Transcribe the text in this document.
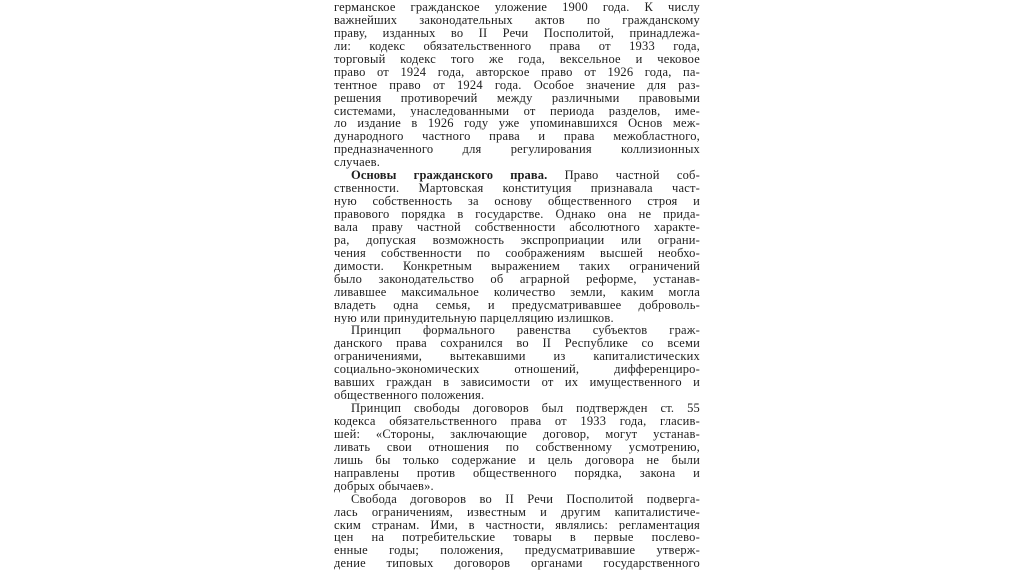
германское гражданское уложение 1900 года. К числу
важнейших законодательных актов по гражданскому
праву, изданных во II Речи Посполитой, принадлежа-
ли: кодекс обязательственного права от 1933 года,
торговый кодекс того же года, вексельное и чековое
право от 1924 года, авторское право от 1926 года, па-
тентное право от 1924 года. Особое значение для раз-
решения противоречий между различными правовыми
системами, унаследованными от периода разделов, име-
ло издание в 1926 году уже упоминавшихся Основ меж-
дународного частного права и права межобластного,
предназначенного для регулирования коллизионных
случаев.
Основы гражданского права. Право частной соб-
ственности. Мартовская конституция признавала част-
ную собственность за основу общественного строя и
правового порядка в государстве. Однако она не прида-
вала праву частной собственности абсолютного характе-
ра, допуская возможность экспроприации или ограни-
чения собственности по соображениям высшей необхо-
димости. Конкретным выражением таких ограничений
было законодательство об аграрной реформе, устанав-
ливавшее максимальное количество земли, каким могла
владеть одна семья, и предусматривавшее доброволь-
ную или принудительную парцелляцию излишков.
Принцип формального равенства субъектов граж-
данского права сохранился во II Республике со всеми
ограничениями, вытекавшими из капиталистических
социально-экономических отношений, дифференциро-
вавших граждан в зависимости от их имущественного и
общественного положения.
Принцип свободы договоров был подтвержден ст. 55
кодекса обязательственного права от 1933 года, гласив-
шей: «Стороны, заключающие договор, могут устанав-
ливать свои отношения по собственному усмотрению,
лишь бы только содержание и цель договора не были
направлены против общественного порядка, закона и
добрых обычаев».
Свобода договоров во II Речи Посполитой подверга-
лась ограничениям, известным и другим капиталистиче-
ским странам. Ими, в частности, являлись: регламентация
цен на потребительские товары в первые послево-
енные годы; положения, предусматривавшие утверж-
дение типовых договоров органами государственного
